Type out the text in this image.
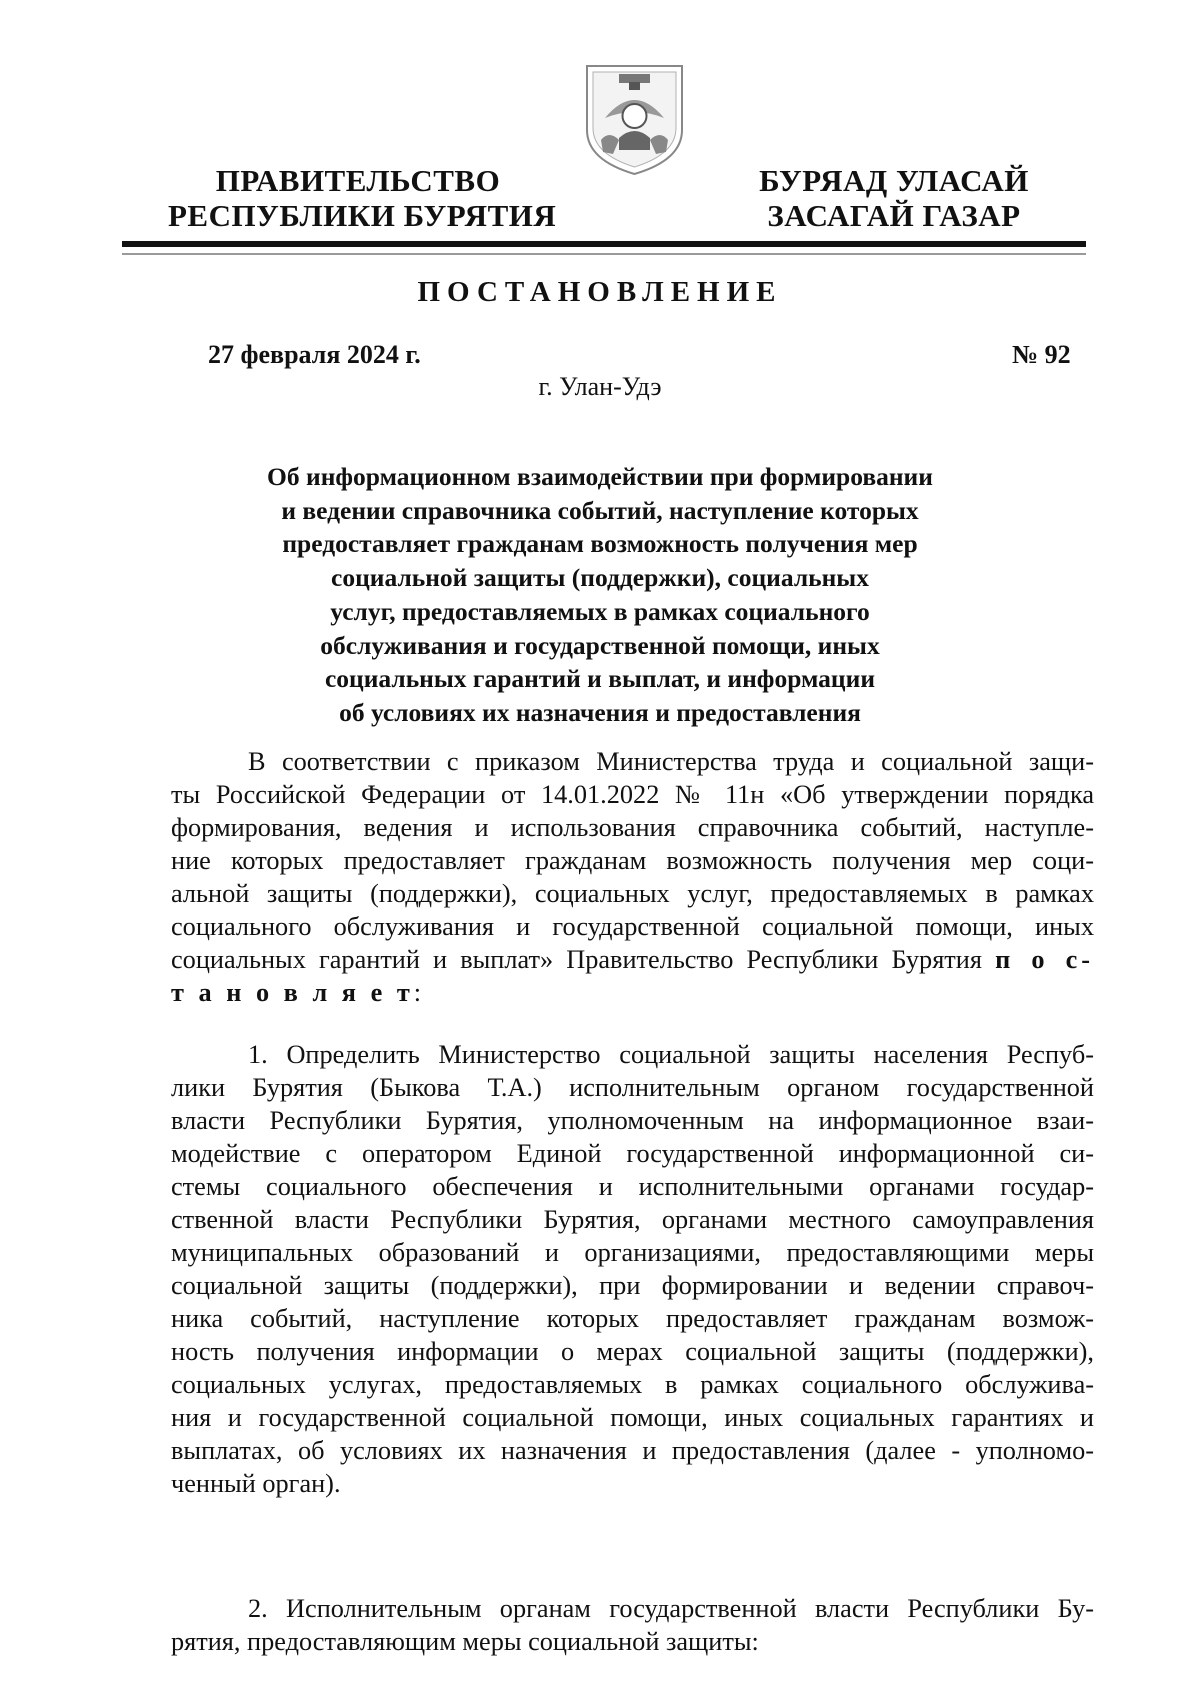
ПРАВИТЕЛЬСТВО
РЕСПУБЛИКИ БУРЯТИЯ
БУРЯАД УЛАСАЙ
ЗАСАГАЙ ГАЗАР
ПОСТАНОВЛЕНИЕ
27 февраля 2024 г.	№ 92
г. Улан-Удэ
Об информационном взаимодействии при формировании
и ведении справочника событий, наступление которых
предоставляет гражданам возможность получения мер
социальной защиты (поддержки), социальных
услуг, предоставляемых в рамках социального
обслуживания и государственной помощи, иных
социальных гарантий и выплат, и информации
об условиях их назначения и предоставления
В соответствии с приказом Министерства труда и социальной защи-
ты Российской Федерации от 14.01.2022 № 11н «Об утверждении порядка
формирования, ведения и использования справочника событий, наступле-
ние которых предоставляет гражданам возможность получения мер соци-
альной защиты (поддержки), социальных услуг, предоставляемых в рамках
социального обслуживания и государственной социальной помощи, иных
социальных гарантий и выплат» Правительство Республики Бурятия п о с-
т а н о в л я е т:
1. Определить Министерство социальной защиты населения Респуб-
лики Бурятия (Быкова Т.А.) исполнительным органом государственной
власти Республики Бурятия, уполномоченным на информационное взаи-
модействие с оператором Единой государственной информационной си-
стемы социального обеспечения и исполнительными органами государ-
ственной власти Республики Бурятия, органами местного самоуправления
муниципальных образований и организациями, предоставляющими меры
социальной защиты (поддержки), при формировании и ведении справоч-
ника событий, наступление которых предоставляет гражданам возмож-
ность получения информации о мерах социальной защиты (поддержки),
социальных услугах, предоставляемых в рамках социального обслужива-
ния и государственной социальной помощи, иных социальных гарантиях и
выплатах, об условиях их назначения и предоставления (далее - уполномо-
ченный орган).
2. Исполнительным органам государственной власти Республики Бу-
рятия, предоставляющим меры социальной защиты:
